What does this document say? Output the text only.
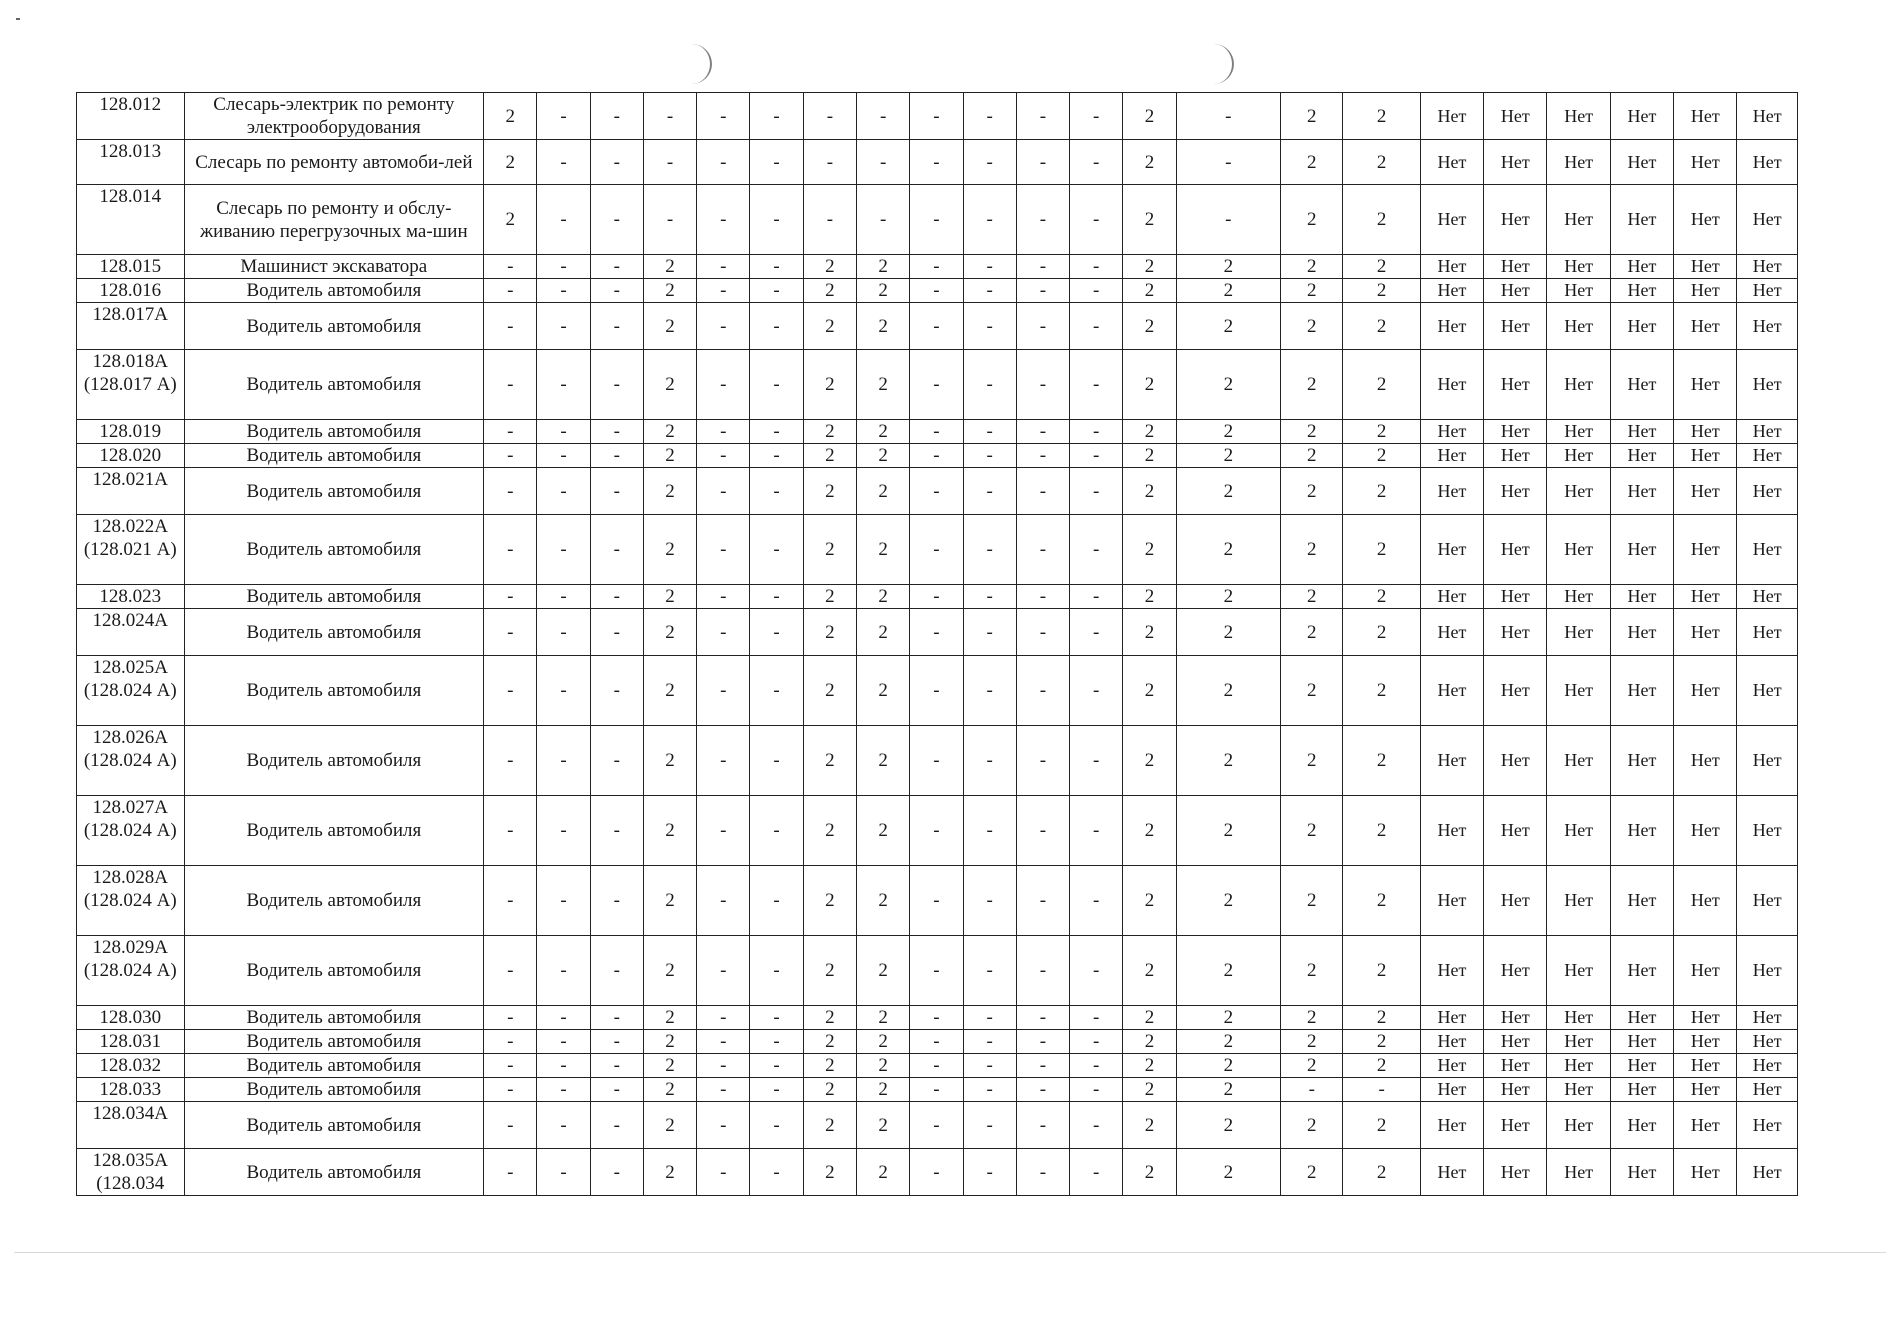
128.012	Слесарь-электрик по ремонту электрооборудования	2	-	-	-	-	-	-	-	-	-	-	-	2	-	2	2	Нет	Нет	Нет	Нет	Нет	Нет
128.013	Слесарь по ремонту автомоби-лей	2	-	-	-	-	-	-	-	-	-	-	-	2	-	2	2	Нет	Нет	Нет	Нет	Нет	Нет
128.014	Слесарь по ремонту и обслу-живанию перегрузочных ма-шин	2	-	-	-	-	-	-	-	-	-	-	-	2	-	2	2	Нет	Нет	Нет	Нет	Нет	Нет
128.015	Машинист экскаватора	-	-	-	2	-	-	2	2	-	-	-	-	2	2	2	2	Нет	Нет	Нет	Нет	Нет	Нет
128.016	Водитель автомобиля	-	-	-	2	-	-	2	2	-	-	-	-	2	2	2	2	Нет	Нет	Нет	Нет	Нет	Нет
128.017А	Водитель автомобиля	-	-	-	2	-	-	2	2	-	-	-	-	2	2	2	2	Нет	Нет	Нет	Нет	Нет	Нет
128.018А (128.017 А)	Водитель автомобиля	-	-	-	2	-	-	2	2	-	-	-	-	2	2	2	2	Нет	Нет	Нет	Нет	Нет	Нет
128.019	Водитель автомобиля	-	-	-	2	-	-	2	2	-	-	-	-	2	2	2	2	Нет	Нет	Нет	Нет	Нет	Нет
128.020	Водитель автомобиля	-	-	-	2	-	-	2	2	-	-	-	-	2	2	2	2	Нет	Нет	Нет	Нет	Нет	Нет
128.021А	Водитель автомобиля	-	-	-	2	-	-	2	2	-	-	-	-	2	2	2	2	Нет	Нет	Нет	Нет	Нет	Нет
128.022А (128.021 А)	Водитель автомобиля	-	-	-	2	-	-	2	2	-	-	-	-	2	2	2	2	Нет	Нет	Нет	Нет	Нет	Нет
128.023	Водитель автомобиля	-	-	-	2	-	-	2	2	-	-	-	-	2	2	2	2	Нет	Нет	Нет	Нет	Нет	Нет
128.024А	Водитель автомобиля	-	-	-	2	-	-	2	2	-	-	-	-	2	2	2	2	Нет	Нет	Нет	Нет	Нет	Нет
128.025А (128.024 А)	Водитель автомобиля	-	-	-	2	-	-	2	2	-	-	-	-	2	2	2	2	Нет	Нет	Нет	Нет	Нет	Нет
128.026А (128.024 А)	Водитель автомобиля	-	-	-	2	-	-	2	2	-	-	-	-	2	2	2	2	Нет	Нет	Нет	Нет	Нет	Нет
128.027А (128.024 А)	Водитель автомобиля	-	-	-	2	-	-	2	2	-	-	-	-	2	2	2	2	Нет	Нет	Нет	Нет	Нет	Нет
128.028А (128.024 А)	Водитель автомобиля	-	-	-	2	-	-	2	2	-	-	-	-	2	2	2	2	Нет	Нет	Нет	Нет	Нет	Нет
128.029А (128.024 А)	Водитель автомобиля	-	-	-	2	-	-	2	2	-	-	-	-	2	2	2	2	Нет	Нет	Нет	Нет	Нет	Нет
128.030	Водитель автомобиля	-	-	-	2	-	-	2	2	-	-	-	-	2	2	2	2	Нет	Нет	Нет	Нет	Нет	Нет
128.031	Водитель автомобиля	-	-	-	2	-	-	2	2	-	-	-	-	2	2	2	2	Нет	Нет	Нет	Нет	Нет	Нет
128.032	Водитель автомобиля	-	-	-	2	-	-	2	2	-	-	-	-	2	2	2	2	Нет	Нет	Нет	Нет	Нет	Нет
128.033	Водитель автомобиля	-	-	-	2	-	-	2	2	-	-	-	-	2	2	-	-	Нет	Нет	Нет	Нет	Нет	Нет
128.034А	Водитель автомобиля	-	-	-	2	-	-	2	2	-	-	-	-	2	2	2	2	Нет	Нет	Нет	Нет	Нет	Нет
128.035А (128.034	Водитель автомобиля	-	-	-	2	-	-	2	2	-	-	-	-	2	2	2	2	Нет	Нет	Нет	Нет	Нет	Нет
